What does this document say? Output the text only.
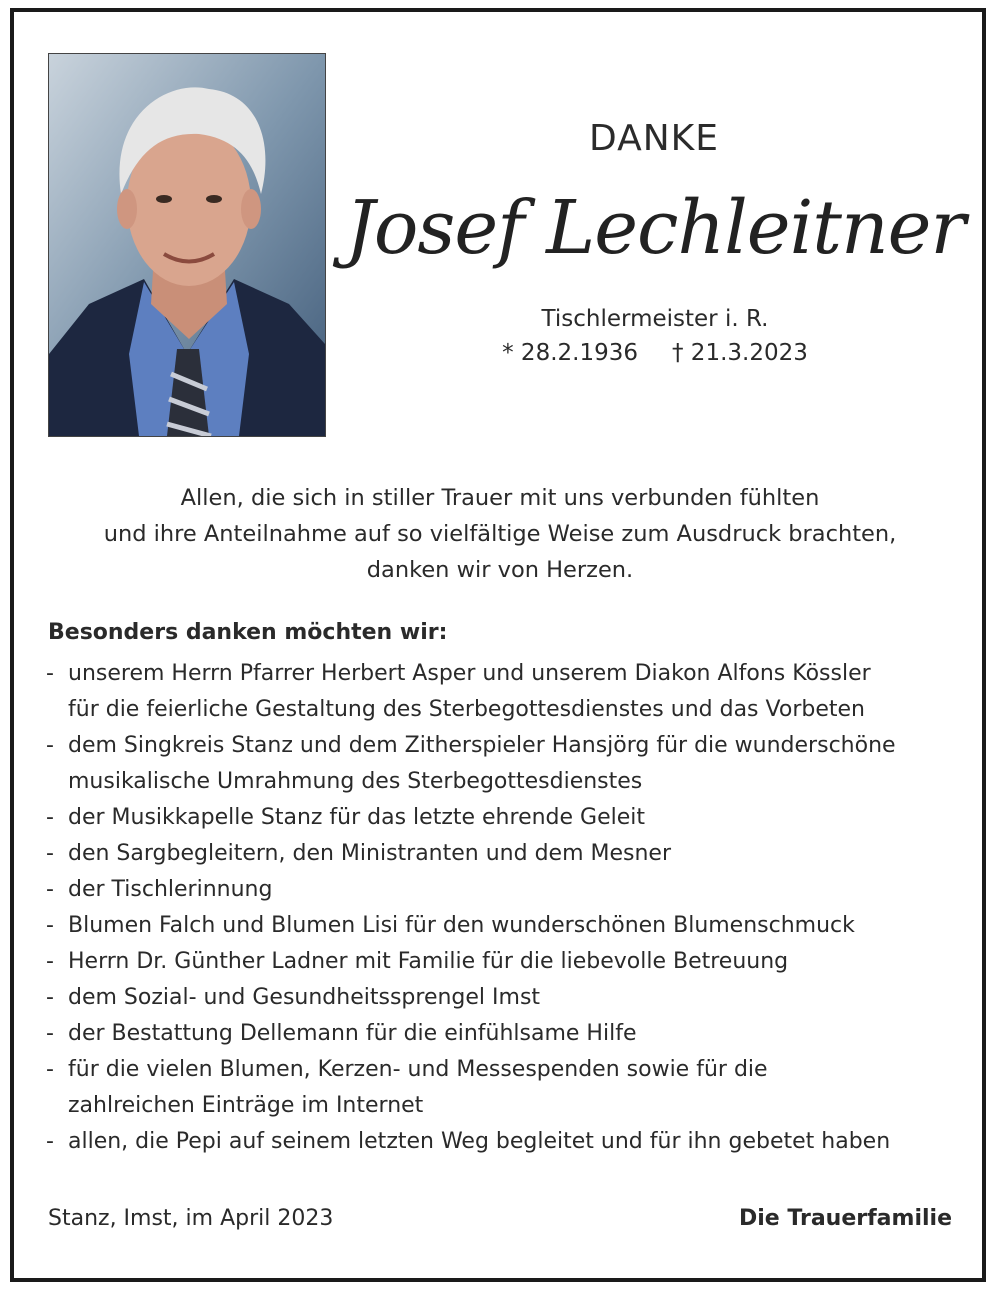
DANKE
Josef Lechleitner
Tischlermeister i. R.
* 28.2.1936 † 21.3.2023
Allen, die sich in stiller Trauer mit uns verbunden fühlten
und ihre Anteilnahme auf so vielfältige Weise zum Ausdruck brachten,
danken wir von Herzen.
Besonders danken möchten wir:
- unserem Herrn Pfarrer Herbert Asper und unserem Diakon Alfons Kössler
für die feierliche Gestaltung des Sterbegottesdienstes und das Vorbeten
- dem Singkreis Stanz und dem Zitherspieler Hansjörg für die wunderschöne
musikalische Umrahmung des Sterbegottesdienstes
- der Musikkapelle Stanz für das letzte ehrende Geleit
- den Sargbegleitern, den Ministranten und dem Mesner
- der Tischlerinnung
- Blumen Falch und Blumen Lisi für den wunderschönen Blumenschmuck
- Herrn Dr. Günther Ladner mit Familie für die liebevolle Betreuung
- dem Sozial- und Gesundheitssprengel Imst
- der Bestattung Dellemann für die einfühlsame Hilfe
- für die vielen Blumen, Kerzen- und Messespenden sowie für die
zahlreichen Einträge im Internet
- allen, die Pepi auf seinem letzten Weg begleitet und für ihn gebetet haben
Stanz, Imst, im April 2023	Die Trauerfamilie
